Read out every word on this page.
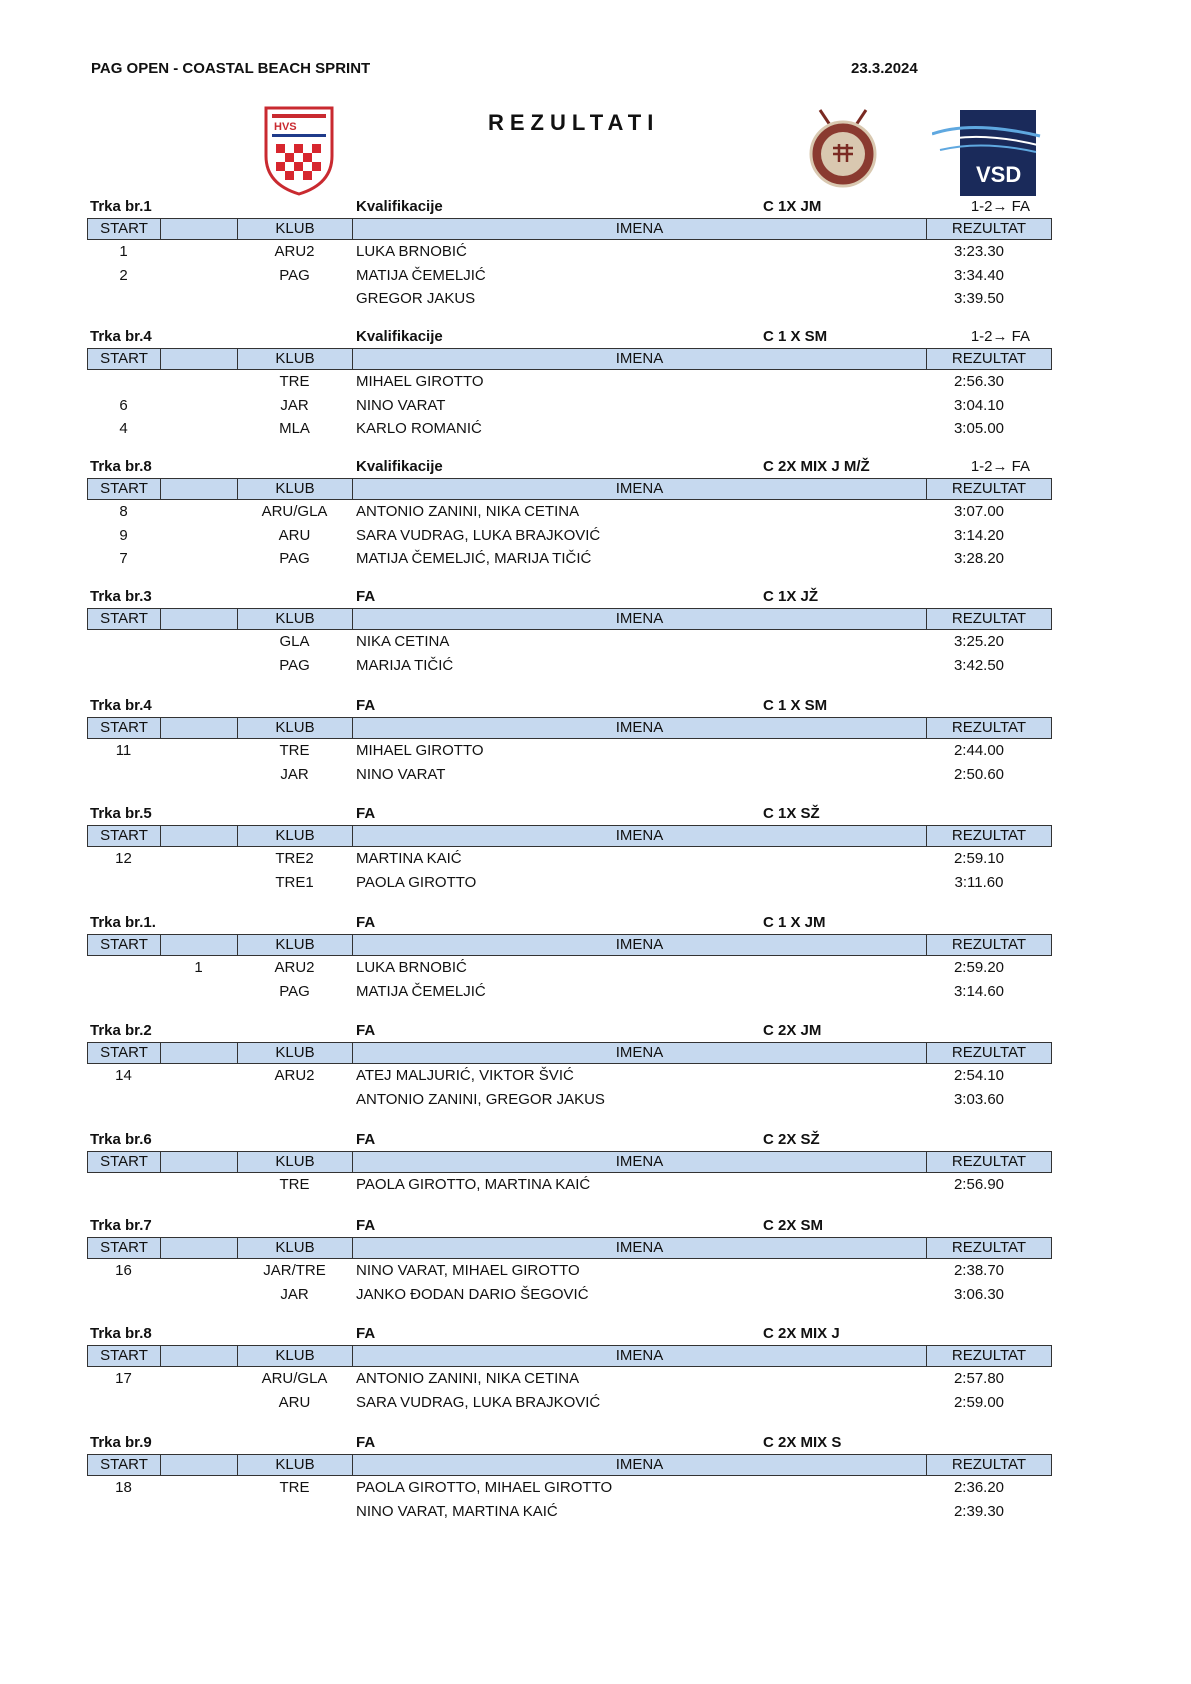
PAG OPEN - COASTAL BEACH SPRINT	23.3.2024
REZULTATI
HVS
VSD
Trka br.1	Kvalifikacije	C 1X JM	1-2→ FA
START	KLUB	IMENA	REZULTAT
1	ARU2	LUKA BRNOBIĆ	3:23.30
2	PAG	MATIJA ČEMELJIĆ	3:34.40
GREGOR JAKUS	3:39.50
Trka br.4	Kvalifikacije	C 1 X SM	1-2→ FA
START	KLUB	IMENA	REZULTAT
TRE	MIHAEL GIROTTO	2:56.30
6	JAR	NINO VARAT	3:04.10
4	MLA	KARLO ROMANIĆ	3:05.00
Trka br.8	Kvalifikacije	C 2X MIX J M/Ž	1-2→ FA
START	KLUB	IMENA	REZULTAT
8	ARU/GLA	ANTONIO ZANINI, NIKA CETINA	3:07.00
9	ARU	SARA VUDRAG, LUKA BRAJKOVIĆ	3:14.20
7	PAG	MATIJA ČEMELJIĆ, MARIJA TIČIĆ	3:28.20
Trka br.3	FA	C 1X JŽ
START	KLUB	IMENA	REZULTAT
GLA	NIKA CETINA	3:25.20
PAG	MARIJA TIČIĆ	3:42.50
Trka br.4	FA	C 1 X SM
START	KLUB	IMENA	REZULTAT
11	TRE	MIHAEL GIROTTO	2:44.00
JAR	NINO VARAT	2:50.60
Trka br.5	FA	C 1X SŽ
START	KLUB	IMENA	REZULTAT
12	TRE2	MARTINA KAIĆ	2:59.10
TRE1	PAOLA GIROTTO	3:11.60
Trka br.1.	FA	C 1 X JM
START	KLUB	IMENA	REZULTAT
1	ARU2	LUKA BRNOBIĆ	2:59.20
PAG	MATIJA ČEMELJIĆ	3:14.60
Trka br.2	FA	C 2X JM
START	KLUB	IMENA	REZULTAT
14	ARU2	ATEJ MALJURIĆ, VIKTOR ŠVIĆ	2:54.10
ANTONIO ZANINI, GREGOR JAKUS	3:03.60
Trka br.6	FA	C 2X SŽ
START	KLUB	IMENA	REZULTAT
TRE	PAOLA GIROTTO, MARTINA KAIĆ	2:56.90
Trka br.7	FA	C 2X SM
START	KLUB	IMENA	REZULTAT
16	JAR/TRE	NINO VARAT, MIHAEL GIROTTO	2:38.70
JAR	JANKO ĐODAN DARIO ŠEGOVIĆ	3:06.30
Trka br.8	FA	C 2X MIX J
START	KLUB	IMENA	REZULTAT
17	ARU/GLA	ANTONIO ZANINI, NIKA CETINA	2:57.80
ARU	SARA VUDRAG, LUKA BRAJKOVIĆ	2:59.00
Trka br.9	FA	C 2X MIX S
START	KLUB	IMENA	REZULTAT
18	TRE	PAOLA GIROTTO, MIHAEL GIROTTO	2:36.20
NINO VARAT, MARTINA KAIĆ	2:39.30
